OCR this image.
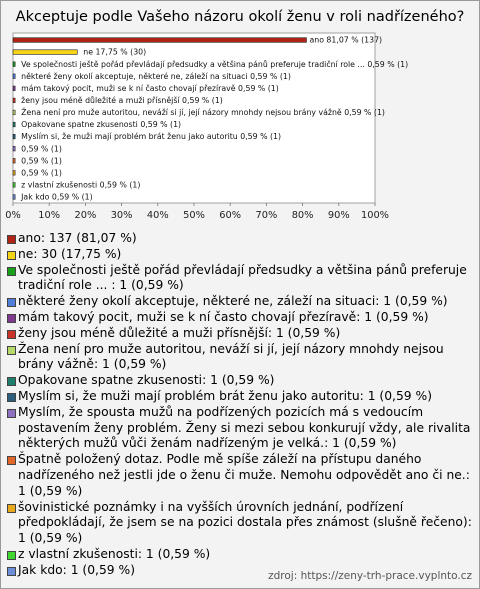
Akceptuje podle Vašeho názoru okolí ženu v roli nadřízeného?
ano 81,07 % (137)
ne 17,75 % (30)
Ve společnosti ještě pořád převládají předsudky a většina pánů preferuje tradiční role ... 0,59 % (1)
některé ženy okolí akceptuje, některé ne, záleží na situaci 0,59 % (1)
mám takový pocit, muži se k ní často chovají přezíravě 0,59 % (1)
ženy jsou méně důležité a muži přísnější 0,59 % (1)
Žena není pro muže autoritou, neváží si jí, její názory mnohdy nejsou brány vážně 0,59 % (1)
Opakovane spatne zkusenosti 0,59 % (1)
Myslím si, že muži mají problém brát ženu jako autoritu 0,59 % (1)
0,59 % (1)
0,59 % (1)
0,59 % (1)
z vlastní zkušenosti 0,59 % (1)
Jak kdo 0,59 % (1)
0% 10% 20% 30% 40% 50% 60% 70% 80% 90% 100%
ano: 137 (81,07 %)
ne: 30 (17,75 %)
Ve společnosti ještě pořád převládají předsudky a většina pánů preferuje tradiční role ... : 1 (0,59 %)
některé ženy okolí akceptuje, některé ne, záleží na situaci: 1 (0,59 %)
mám takový pocit, muži se k ní často chovají přezíravě: 1 (0,59 %)
ženy jsou méně důležité a muži přísnější: 1 (0,59 %)
Žena není pro muže autoritou, neváží si jí, její názory mnohdy nejsou brány vážně: 1 (0,59 %)
Opakovane spatne zkusenosti: 1 (0,59 %)
Myslím si, že muži mají problém brát ženu jako autoritu: 1 (0,59 %)
Myslím, že spousta mužů na podřízených pozicích má s vedoucím postavením ženy problém. Ženy si mezi sebou konkurují vždy, ale rivalita některých mužů vůči ženám nadřízeným je velká.: 1 (0,59 %)
Špatně položený dotaz. Podle mě spíše záleží na přístupu daného nadřízeného než jestli jde o ženu či muže. Nemohu odpovědět ano či ne.: 1 (0,59 %)
šovinistické poznámky i na vyšších úrovních jednání, podřízení předpokládají, že jsem se na pozici dostala přes známost (slušně řečeno): 1 (0,59 %)
z vlastní zkušenosti: 1 (0,59 %)
Jak kdo: 1 (0,59 %)	zdroj: https://zeny-trh-prace.vyplnto.cz
